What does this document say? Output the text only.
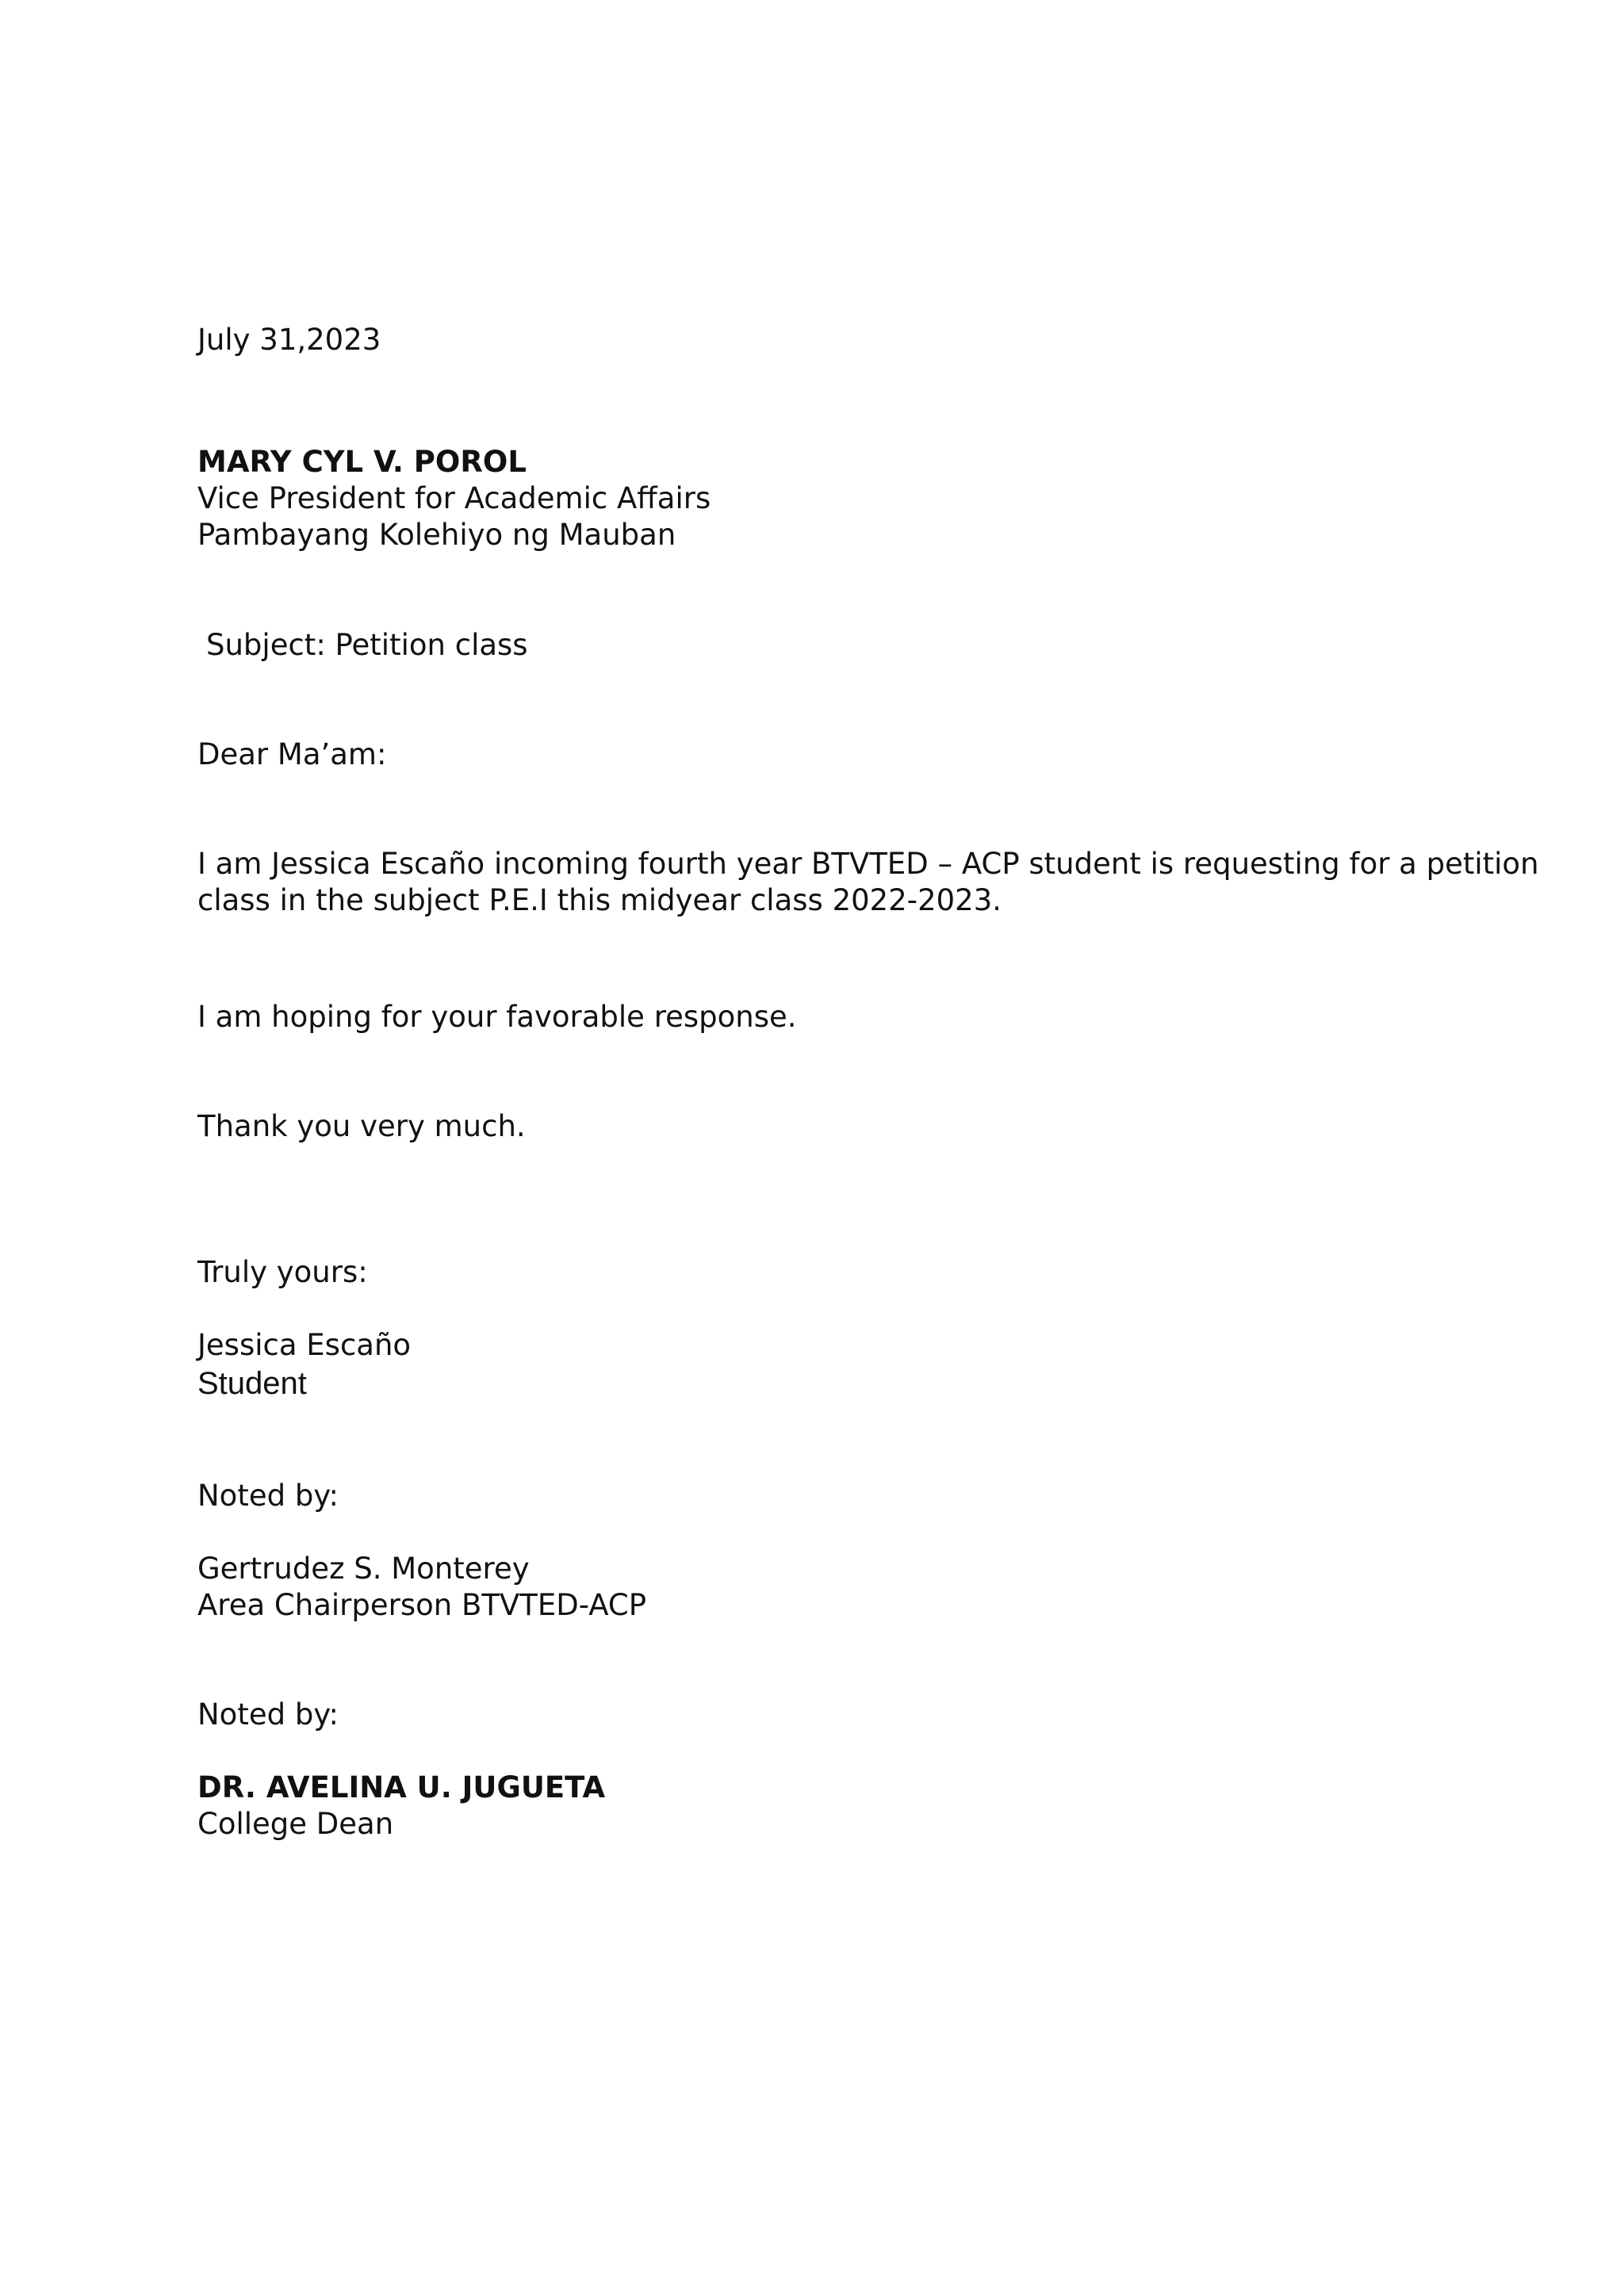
July 31,2023

MARY CYL V. POROL

Vice President for Academic Affairs

Pambayang Kolehiyo ng Mauban

Subject: Petition class

Dear Ma’am:

I am Jessica Escaño incoming fourth year BTVTED – ACP student is requesting for a petition

class in the subject P.E.I this midyear class 2022-2023.

I am hoping for your favorable response.

Thank you very much.

Truly yours:

Jessica Escaño

Student

Noted by:

Gertrudez S. Monterey

Area Chairperson BTVTED-ACP

Noted by:

DR. AVELINA U. JUGUETA

College Dean
